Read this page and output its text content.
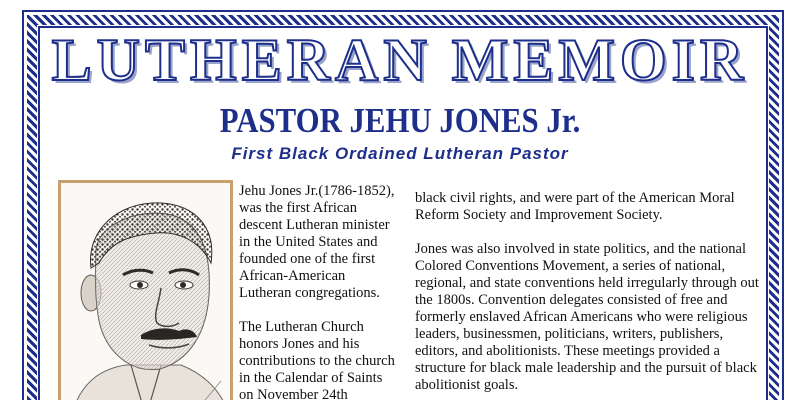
LUTHERAN MEMOIR
PASTOR JEHU JONES Jr.
First Black Ordained Lutheran Pastor

Jehu Jones Jr.(1786-1852), was the first African descent Lutheran minister in the United States and founded one of the first African-American Lutheran congregations.

The Lutheran Church honors Jones and his contributions to the church in the Calendar of Saints on November 24th

black civil rights, and were part of the American Moral Reform Society and Improvement Society.

Jones was also involved in state politics, and the national Colored Conventions Movement, a series of national, regional, and state conventions held irregularly through out the 1800s. Convention delegates consisted of free and formerly enslaved African Americans who were religious leaders, businessmen, politicians, writers, publishers, editors, and abolitionists. These meetings provided a structure for black male leadership and the pursuit of black abolitionist goals.
